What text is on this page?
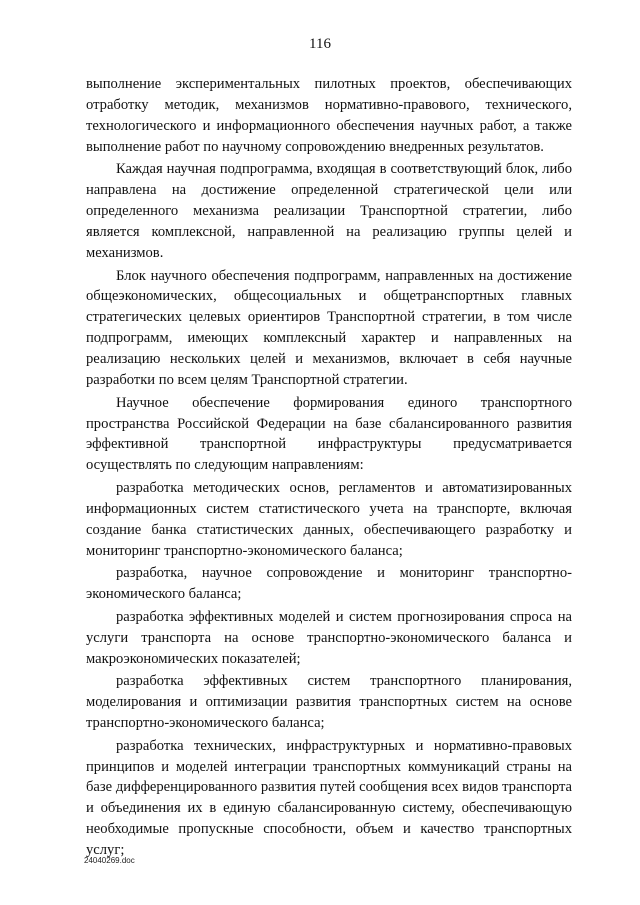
116

выполнение экспериментальных пилотных проектов, обеспечивающих отработку методик, механизмов нормативно-правового, технического, технологического и информационного обеспечения научных работ, а также выполнение работ по научному сопровождению внедренных результатов.

Каждая научная подпрограмма, входящая в соответствующий блок, либо направлена на достижение определенной стратегической цели или определенного механизма реализации Транспортной стратегии, либо является комплексной, направленной на реализацию группы целей и механизмов.

Блок научного обеспечения подпрограмм, направленных на достижение общеэкономических, общесоциальных и общетранспортных главных стратегических целевых ориентиров Транспортной стратегии, в том числе подпрограмм, имеющих комплексный характер и направленных на реализацию нескольких целей и механизмов, включает в себя научные разработки по всем целям Транспортной стратегии.

Научное обеспечение формирования единого транспортного пространства Российской Федерации на базе сбалансированного развития эффективной транспортной инфраструктуры предусматривается осуществлять по следующим направлениям:

разработка методических основ, регламентов и автоматизированных информационных систем статистического учета на транспорте, включая создание банка статистических данных, обеспечивающего разработку и мониторинг транспортно-экономического баланса;

разработка, научное сопровождение и мониторинг транспортно-экономического баланса;

разработка эффективных моделей и систем прогнозирования спроса на услуги транспорта на основе транспортно-экономического баланса и макроэкономических показателей;

разработка эффективных систем транспортного планирования, моделирования и оптимизации развития транспортных систем на основе транспортно-экономического баланса;

разработка технических, инфраструктурных и нормативно-правовых принципов и моделей интеграции транспортных коммуникаций страны на базе дифференцированного развития путей сообщения всех видов транспорта и объединения их в единую сбалансированную систему, обеспечивающую необходимые пропускные способности, объем и качество транспортных услуг;

24040269.doc
